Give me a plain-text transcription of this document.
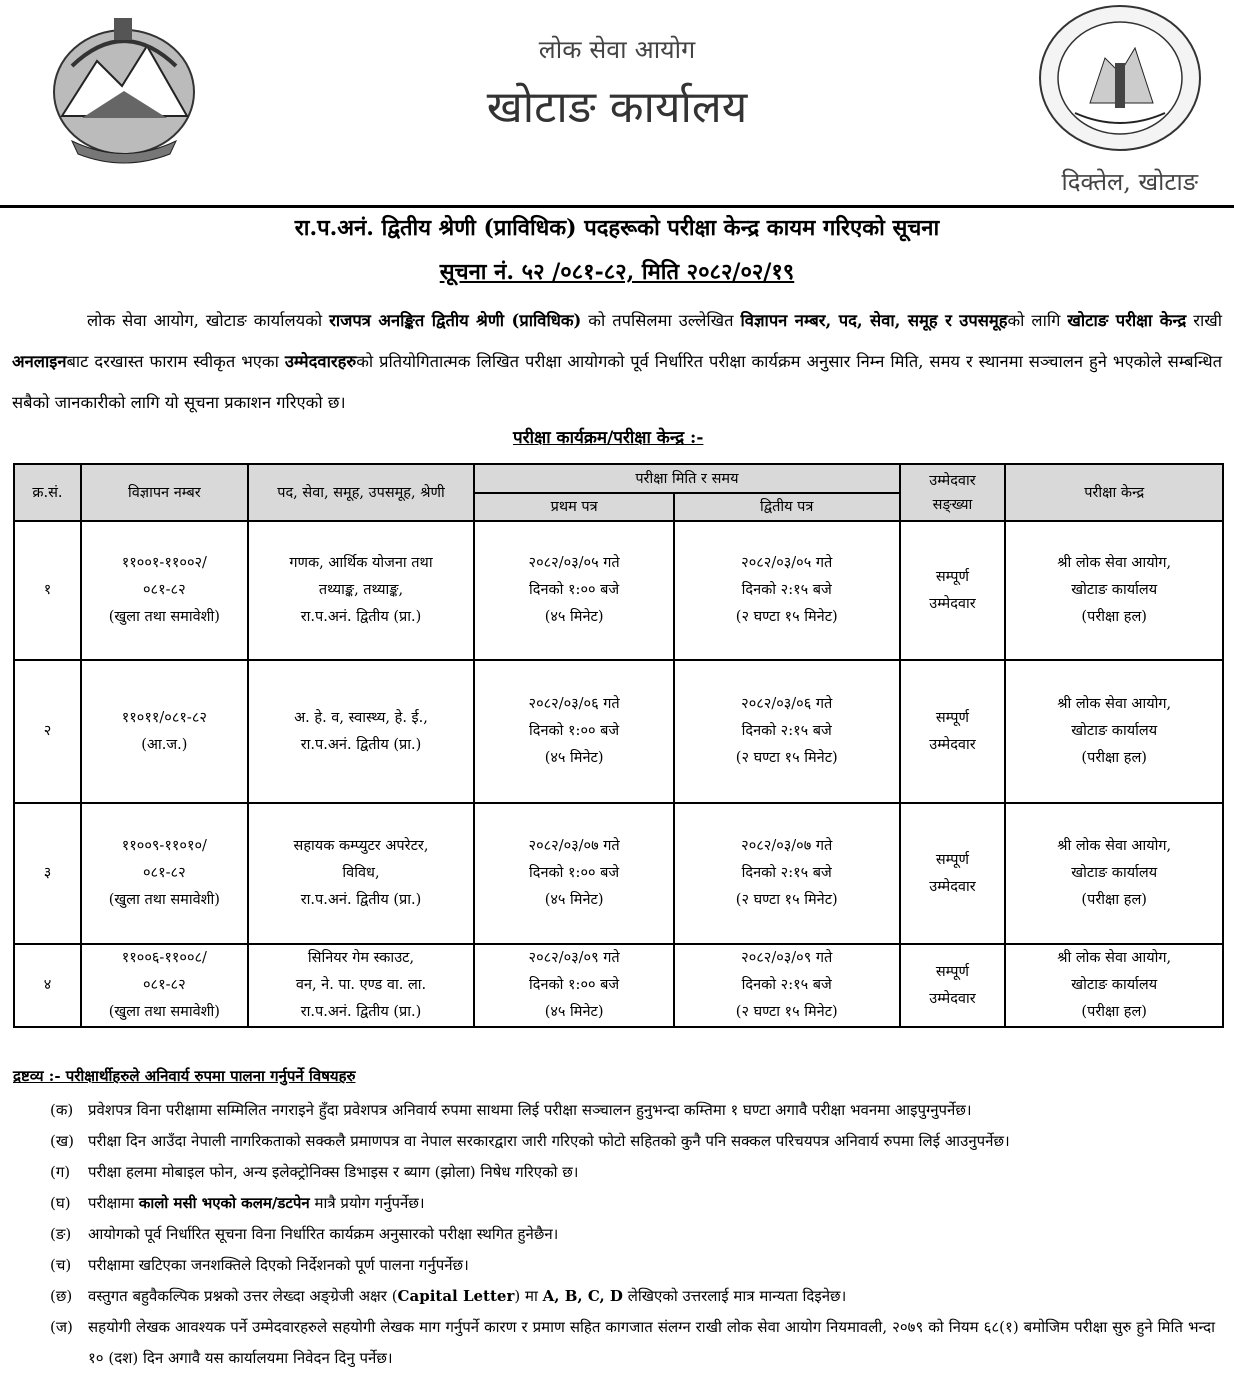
लोक सेवा आयोग
खोटाङ कार्यालय
दिक्तेल, खोटाङ
रा.प.अनं. द्वितीय श्रेणी (प्राविधिक) पदहरूको परीक्षा केन्द्र कायम गरिएको सूचना
सूचना नं. ५२ /०८१-८२, मिति २०८२/०२/१९
लोक सेवा आयोग, खोटाङ कार्यालयको राजपत्र अनङ्कित द्वितीय श्रेणी (प्राविधिक) को तपसिलमा उल्लेखित विज्ञापन नम्बर, पद, सेवा, समूह र उपसमूहको लागि खोटाङ परीक्षा केन्द्र राखी अनलाइनबाट दरखास्त फाराम स्वीकृत भएका उम्मेदवारहरुको प्रतियोगितात्मक लिखित परीक्षा आयोगको पूर्व निर्धारित परीक्षा कार्यक्रम अनुसार निम्न मिति, समय र स्थानमा सञ्चालन हुने भएकोले सम्बन्धित सबैको जानकारीको लागि यो सूचना प्रकाशन गरिएको छ।
परीक्षा कार्यक्रम/परीक्षा केन्द्र :-
क्र.सं.	विज्ञापन नम्बर	पद, सेवा, समूह, उपसमूह, श्रेणी	परीक्षा मिति र समय		उम्मेदवार
सङ्ख्या	परीक्षा केन्द्र
			प्रथम पत्र	द्वितीय पत्र		
१	११००१-११००२/
०८१-८२
(खुला तथा समावेशी)	गणक, आर्थिक योजना तथा
तथ्याङ्क, तथ्याङ्क,
रा.प.अनं. द्वितीय (प्रा.)	२०८२/०३/०५ गते
दिनको १:०० बजे
(४५ मिनेट)	२०८२/०३/०५ गते
दिनको २:१५ बजे
(२ घण्टा १५ मिनेट)	सम्पूर्ण
उम्मेदवार	श्री लोक सेवा आयोग,
खोटाङ कार्यालय
(परीक्षा हल)
२	११०११/०८१-८२
(आ.ज.)	अ. हे. व, स्वास्थ्य, हे. ई.,
रा.प.अनं. द्वितीय (प्रा.)	२०८२/०३/०६ गते
दिनको १:०० बजे
(४५ मिनेट)	२०८२/०३/०६ गते
दिनको २:१५ बजे
(२ घण्टा १५ मिनेट)	सम्पूर्ण
उम्मेदवार	श्री लोक सेवा आयोग,
खोटाङ कार्यालय
(परीक्षा हल)
३	११००९-११०१०/
०८१-८२
(खुला तथा समावेशी)	सहायक कम्प्युटर अपरेटर,
विविध,
रा.प.अनं. द्वितीय (प्रा.)	२०८२/०३/०७ गते
दिनको १:०० बजे
(४५ मिनेट)	२०८२/०३/०७ गते
दिनको २:१५ बजे
(२ घण्टा १५ मिनेट)	सम्पूर्ण
उम्मेदवार	श्री लोक सेवा आयोग,
खोटाङ कार्यालय
(परीक्षा हल)
४	११००६-११००८/
०८१-८२
(खुला तथा समावेशी)	सिनियर गेम स्काउट,
वन, ने. पा. एण्ड वा. ला.
रा.प.अनं. द्वितीय (प्रा.)	२०८२/०३/०९ गते
दिनको १:०० बजे
(४५ मिनेट)	२०८२/०३/०९ गते
दिनको २:१५ बजे
(२ घण्टा १५ मिनेट)	सम्पूर्ण
उम्मेदवार	श्री लोक सेवा आयोग,
खोटाङ कार्यालय
(परीक्षा हल)
द्रष्टव्य :- परीक्षार्थीहरुले अनिवार्य रुपमा पालना गर्नुपर्ने विषयहरु
(क) प्रवेशपत्र विना परीक्षामा सम्मिलित नगराइने हुँदा प्रवेशपत्र अनिवार्य रुपमा साथमा लिई परीक्षा सञ्चालन हुनुभन्दा कम्तिमा १ घण्टा अगावै परीक्षा भवनमा आइपुग्नुपर्नेछ।
(ख) परीक्षा दिन आउँदा नेपाली नागरिकताको सक्कलै प्रमाणपत्र वा नेपाल सरकारद्वारा जारी गरिएको फोटो सहितको कुनै पनि सक्कल परिचयपत्र अनिवार्य रुपमा लिई आउनुपर्नेछ।
(ग)	परीक्षा हलमा मोबाइल फोन, अन्य इलेक्ट्रोनिक्स डिभाइस र ब्याग (झोला) निषेध गरिएको छ।
(घ)	परीक्षामा कालो मसी भएको कलम/डटपेन मात्रै प्रयोग गर्नुपर्नेछ।
(ङ)	आयोगको पूर्व निर्धारित सूचना विना निर्धारित कार्यक्रम अनुसारको परीक्षा स्थगित हुनेछैन।
(च)	परीक्षामा खटिएका जनशक्तिले दिएको निर्देशनको पूर्ण पालना गर्नुपर्नेछ।
(छ)	वस्तुगत बहुवैकल्पिक प्रश्नको उत्तर लेख्दा अङ्ग्रेजी अक्षर (Capital Letter) मा A, B, C, D लेखिएको उत्तरलाई मात्र मान्यता दिइनेछ।
(ज)	सहयोगी लेखक आवश्यक पर्ने उम्मेदवारहरुले सहयोगी लेखक माग गर्नुपर्ने कारण र प्रमाण सहित कागजात संलग्न राखी लोक सेवा आयोग नियमावली, २०७९ को नियम ६८(१) बमोजिम परीक्षा सुरु हुने मिति भन्दा १० (दश) दिन अगावै यस कार्यालयमा निवेदन दिनु पर्नेछ।
